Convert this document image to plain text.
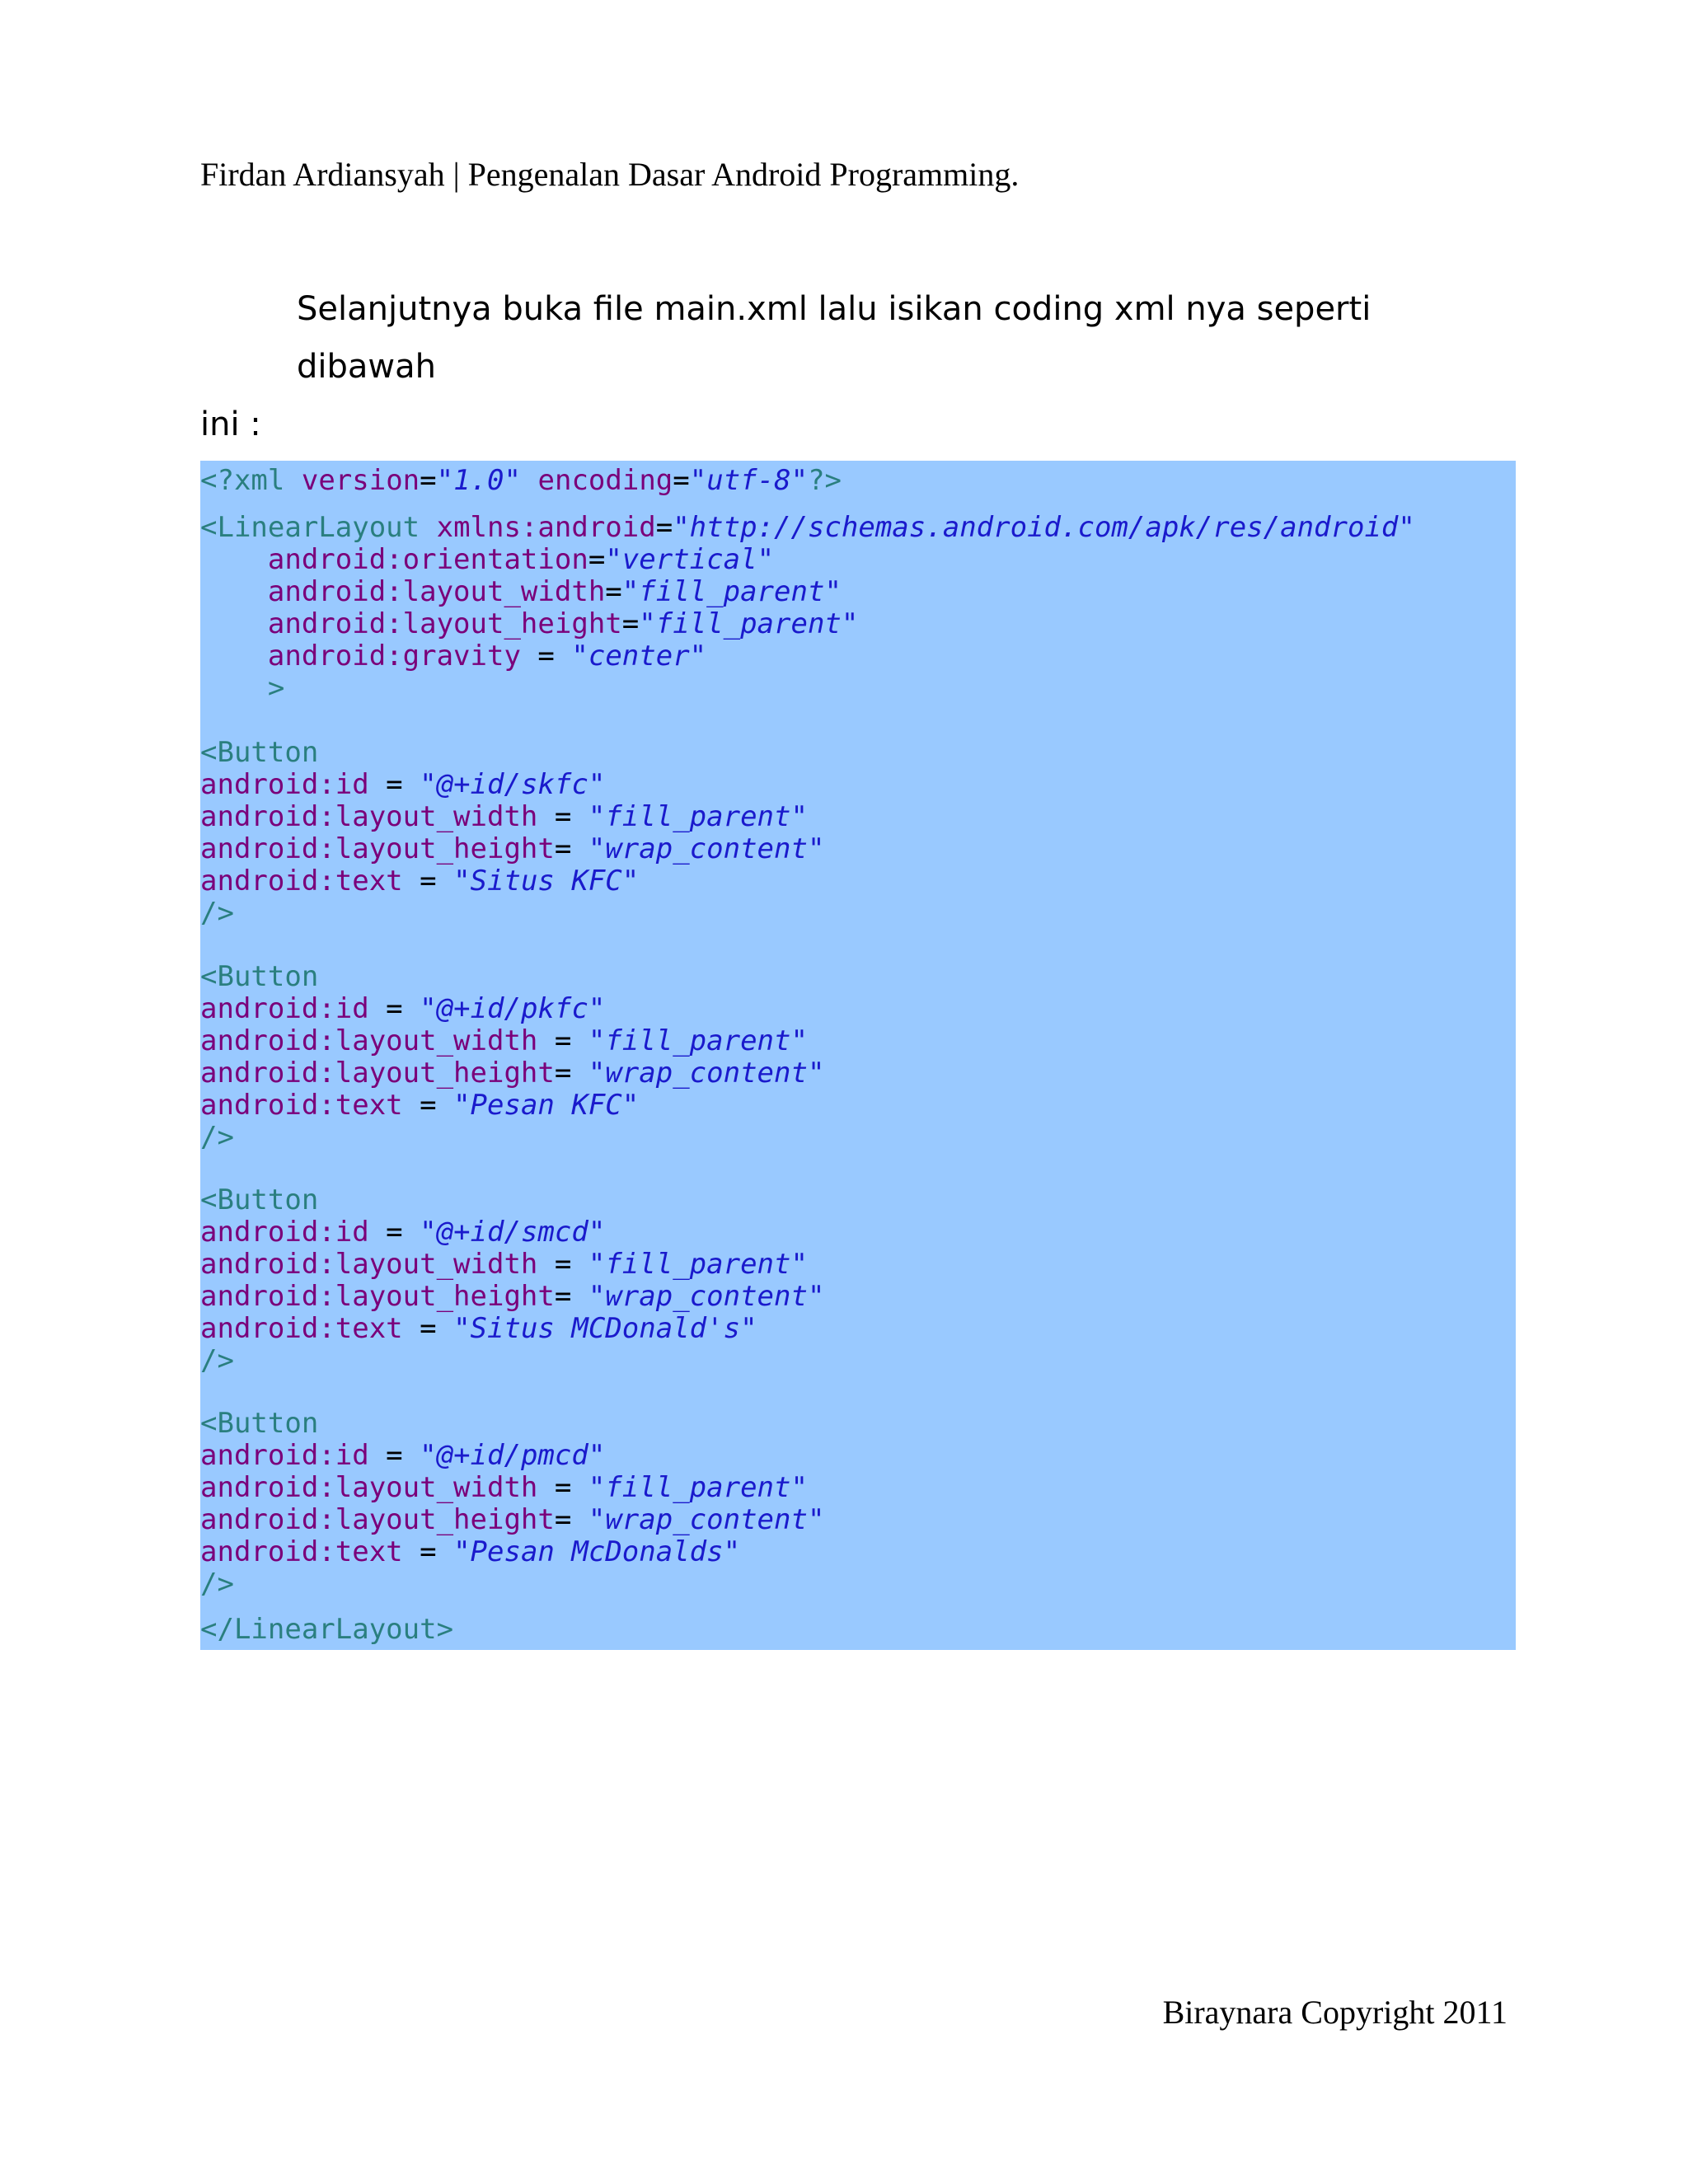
Firdan Ardiansyah | Pengenalan Dasar Android Programming.
Selanjutnya buka file main.xml lalu isikan coding xml nya seperti dibawah
ini :
<?xml version="1.0" encoding="utf-8"?>
<LinearLayout xmlns:android="http://schemas.android.com/apk/res/android"
android:orientation="vertical"
android:layout_width="fill_parent"
android:layout_height="fill_parent"
android:gravity = "center"
>
<Button
android:id = "@+id/skfc"
android:layout_width = "fill_parent"
android:layout_height= "wrap_content"
android:text = "Situs KFC"
/>
<Button
android:id = "@+id/pkfc"
android:layout_width = "fill_parent"
android:layout_height= "wrap_content"
android:text = "Pesan KFC"
/>
<Button
android:id = "@+id/smcd"
android:layout_width = "fill_parent"
android:layout_height= "wrap_content"
android:text = "Situs MCDonald's"
/>
<Button
android:id = "@+id/pmcd"
android:layout_width = "fill_parent"
android:layout_height= "wrap_content"
android:text = "Pesan McDonalds"
/>
</LinearLayout>
Biraynara Copyright 2011
